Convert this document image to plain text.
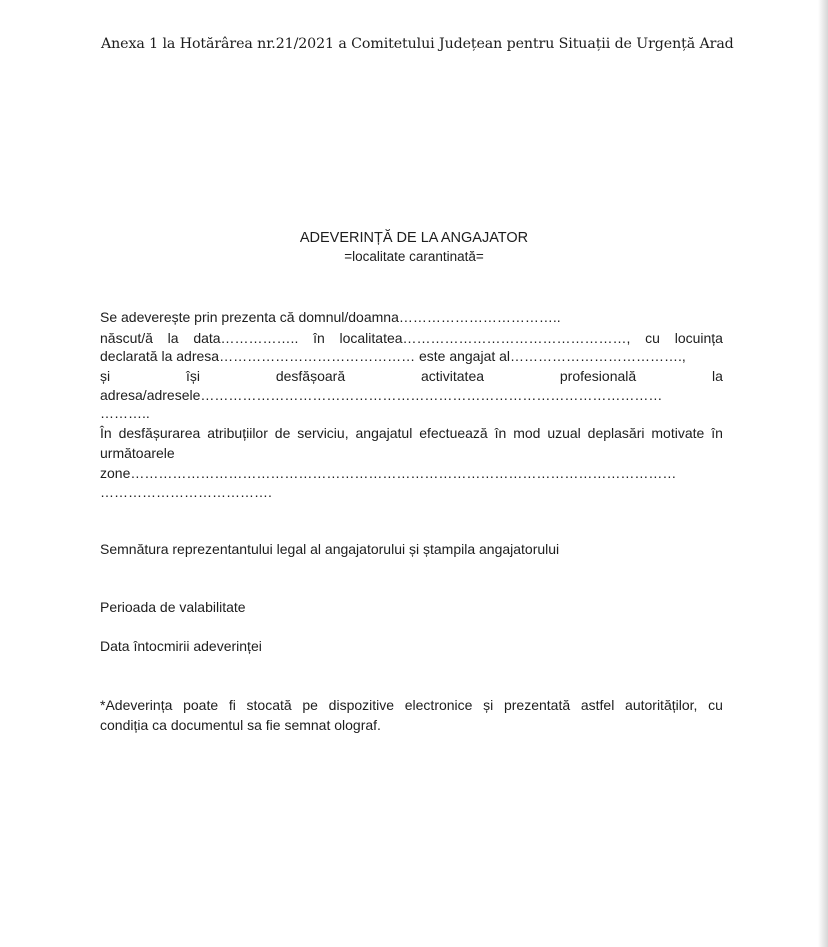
Anexa 1 la Hotărârea nr.21/2021 a Comitetului Județean pentru Situații de Urgență Arad
ADEVERINȚĂ DE LA ANGAJATOR
=localitate carantinată=
Se adeverește prin prezenta că domnul/doamna……………………………..
născut/ă la data…………….. în localitatea…………………………………………, cu locuința
declarată la adresa…………………………………… este angajat al……………………………….,
și	își	desfășoară	activitatea	profesională	la
adresa/adresele………………………………………………………………………………………
………..
În desfășurarea atribuțiilor de serviciu, angajatul efectuează în mod uzual deplasări motivate în
următoarele
zone………………………………………………………………………………………………………
……………………………….
Semnătura reprezentantului legal al angajatorului și ștampila angajatorului
Perioada de valabilitate
Data întocmirii adeverinței
*Adeverința poate fi stocată pe dispozitive electronice și prezentată astfel autorităților, cu
condiția ca documentul sa fie semnat olograf.
